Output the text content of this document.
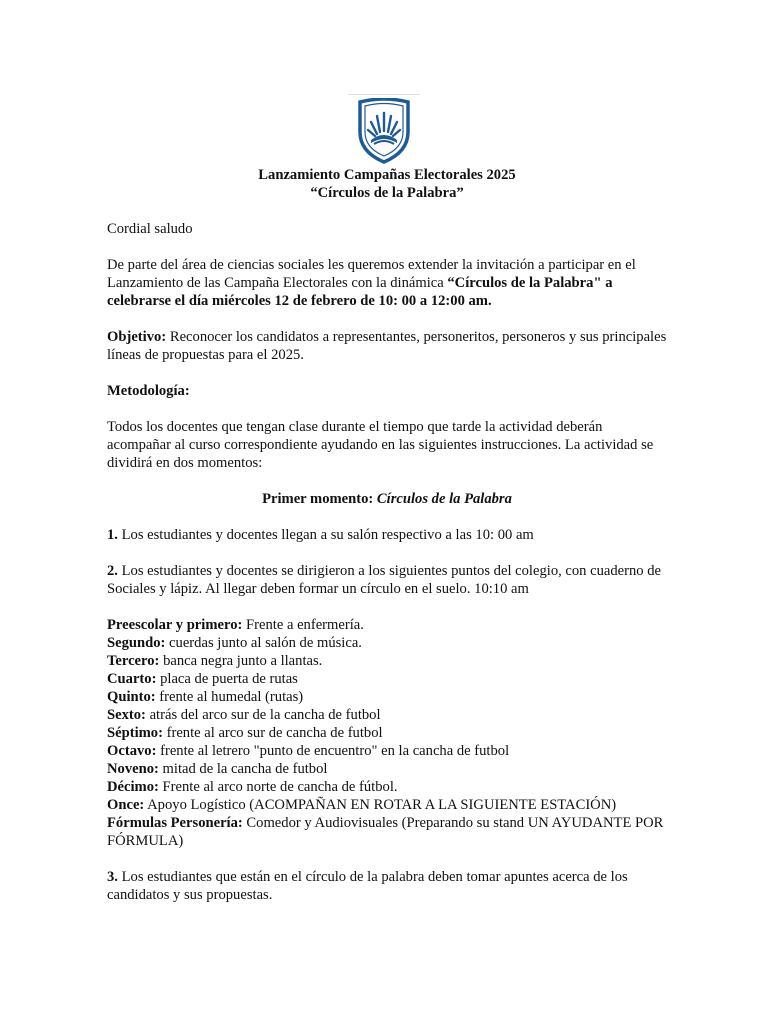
Lanzamiento Campañas Electorales 2025

“Círculos de la Palabra”

Cordial saludo

De parte del área de ciencias sociales les queremos extender la invitación a participar en el Lanzamiento de las Campaña Electorales con la dinámica “Círculos de la Palabra" a celebrarse el día miércoles 12 de febrero de 10: 00 a 12:00 am.

Objetivo: Reconocer los candidatos a representantes, personeritos, personeros y sus principales líneas de propuestas para el 2025.

Metodología:

Todos los docentes que tengan clase durante el tiempo que tarde la actividad deberán acompañar al curso correspondiente ayudando en las siguientes instrucciones. La actividad se dividirá en dos momentos:

Primer momento: Círculos de la Palabra

1. Los estudiantes y docentes llegan a su salón respectivo a las 10: 00 am

2. Los estudiantes y docentes se dirigieron a los siguientes puntos del colegio, con cuaderno de Sociales y lápiz. Al llegar deben formar un círculo en el suelo. 10:10 am

Preescolar y primero: Frente a enfermería.

Segundo: cuerdas junto al salón de música.

Tercero: banca negra junto a llantas.

Cuarto: placa de puerta de rutas

Quinto: frente al humedal (rutas)

Sexto: atrás del arco sur de la cancha de futbol

Séptimo: frente al arco sur de cancha de futbol

Octavo: frente al letrero "punto de encuentro" en la cancha de futbol

Noveno: mitad de la cancha de futbol

Décimo: Frente al arco norte de cancha de fútbol.

Once: Apoyo Logístico (ACOMPAÑAN EN ROTAR A LA SIGUIENTE ESTACIÓN)

Fórmulas Personería: Comedor y Audiovisuales (Preparando su stand UN AYUDANTE POR FÓRMULA)

3. Los estudiantes que están en el círculo de la palabra deben tomar apuntes acerca de los candidatos y sus propuestas.
